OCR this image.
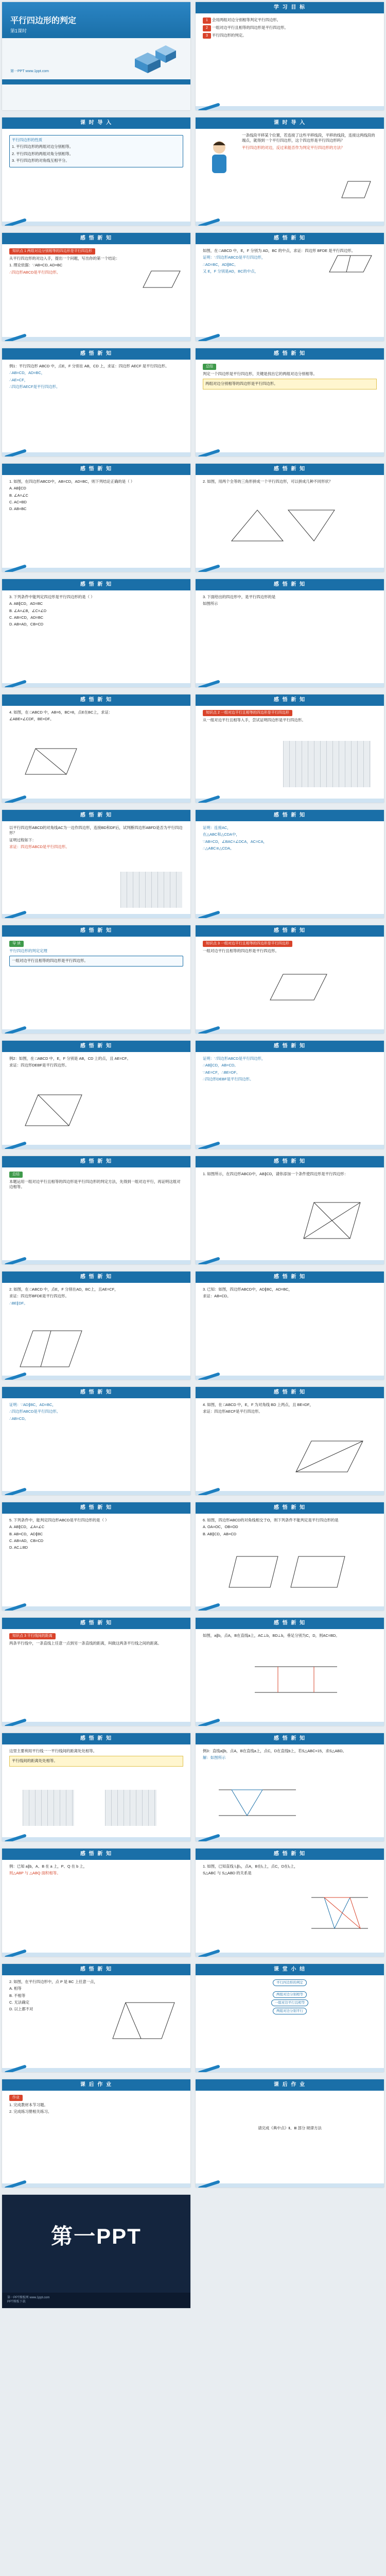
平行四边形的判定
第1课时
第一PPT www.1ppt.com
学 习 目 标

1 会用两组对边分别相等判定平行四边形。

2 一组对边平行且相等的四边形是平行四边形。

3 平行四边形的判定。

课 时 导 入

平行四边形的性质

1. 平行四边形的两组对边分别相等。

2. 平行四边形的两组对角分别相等。

3. 平行四边形的对角线互相平分。

课 时 导 入

一条线段平移某个位置，若连接了这些平移线段，平移的线段，连接这两线段的端点，就得到一个平行四边形，这个四边形是平行四边形吗？

平行四边形的对边，反过来能否作为判定平行四边形的方法？

感 悟 新 知

知识点 1 两组对边分别相等的四边形是平行四边形

从平行四边形的对边入手，提出一个问题，写出你的第一个结论：

1. 理论依据：∵AB=CD, AD=BC

∴四边形ABCD是平行四边形。

感 悟 新 知

如图，在 □ABCD 中，E，F 分别为 AD，BC 的中点，求证：四边形 BFDE 是平行四边形。

证明：∵四边形ABCD是平行四边形，

∴AD=BC，AD∥BC。

又 E，F 分别是AD，BC的中点，

感 悟 新 知

例1：平行四边形 ABCD 中，点E，F 分别在 AB，CD 上，求证：四边形 AECF 是平行四边形。

∴AB=CD，AD=BC，

∴AE=CF，

∴四边形AECF是平行四边形。

感 悟 新 知

总结

判定一个四边形是平行四边形，关键是找出它的两组对边分别相等。

两组对边分别相等的四边形是平行四边形。
感 悟 新 知

1. 如图，在四边形ABCD中，AB=CD，AD=BC，则下列结论正确的是（ ）

A. AB∥CD

B. ∠A=∠C

C. AC=BD

D. AB=BC

感 悟 新 知

2. 如图，用两个全等的三角形拼成一个平行四边形，可以拼成几种不同形状？

感 悟 新 知

3. 下列条件中能判定四边形是平行四边形的是（ ）

A. AB∥CD，AD=BC

B. ∠A=∠B，∠C=∠D

C. AB=CD，AD=BC

D. AB=AD，CB=CD

感 悟 新 知

3. 下面给出的四边形中，是平行四边形的是

如图所示

感 悟 新 知

4. 如图，在 □ABCD 中，AB=6，BC=8，点E在BC上，求证：

∠ABE=∠CDF，BE=DF。

感 悟 新 知

知识点 2 一组对边平行且相等的四边形是平行四边形

从一组对边平行且相等入手，尝试证明四边形是平行四边形。

感 悟 新 知

以平行四边形ABCD的对角线AC为一边作四边形，连接BD和DF后，试判断四边形ABFD是否为平行四边形？

证明过程如下：

求证：四边形ABCD是平行四边形。

感 悟 新 知

证明：连接AC，

在△ABC和△CDA中，

∵AB=CD，∠BAC=∠DCA，AC=CA，

∴△ABC≌△CDA。

感 悟 新 知

导 读

平行四边形的判定定理

一组对边平行且相等的四边形是平行四边形。
感 悟 新 知

知识点 3 一组对边平行且相等的四边形是平行四边形

一组对边平行且相等的四边形是平行四边形。

感 悟 新 知

例2：如图，在 □ABCD 中，E，F 分别是 AB，CD 上的点，且 AE=CF。

求证：四边形DEBF是平行四边形。

感 悟 新 知

证明：∵四边形ABCD是平行四边形，

∴AB∥CD，AB=CD。

∵AE=CF，∴BE=DF。

∴四边形DEBF是平行四边形。

感 悟 新 知

总结

本题运用一组对边平行且相等的四边形是平行四边形的判定方法，先得到一组对边平行，再证明这组对边相等。

感 悟 新 知

1. 如图所示，在四边形ABCD中，AB∥CD，请你添加一个条件使四边形是平行四边形：

感 悟 新 知

2. 如图，在 □ABCD 中，点E，F 分别在AD，BC上，且AE=CF，

求证：四边形BFDE是平行四边形。

∴BE∥DF。

感 悟 新 知

3. 已知：如图，四边形ABCD中，AD∥BC，AD=BC，

求证：AB=CD。

感 悟 新 知

证明：∵AD∥BC，AD=BC，

∴四边形ABCD是平行四边形。

∴AB=CD。

感 悟 新 知

4. 如图，在 □ABCD 中，E，F 为对角线 BD 上两点，且 BE=DF，

求证：四边形AECF是平行四边形。

感 悟 新 知

5. 下列条件中，能判定四边形ABCD是平行四边形的是（ ）

A. AB∥CD，∠A=∠C

B. AB=CD，AD∥BC

C. AB=AD，CB=CD

D. AC⊥BD

感 悟 新 知

6. 如图，四边形ABCD的对角线相交于O，则下列条件不能判定是平行四边形的是

A. OA=OC，OB=OD

B. AB∥CD，AB=CD

感 悟 新 知

知识点 3 平行线间的距离

两条平行线中，一条直线上任意一点到另一条直线的距离，叫做这两条平行线之间的距离。

感 悟 新 知

如图，a∥b，点A，B在直线a上，AC⊥b，BD⊥b，垂足分别为C，D，则AC=BD。

感 悟 新 知

这里主要利用平行线一一平行线间的距离处处相等。

平行线间的距离处处相等。
感 悟 新 知

例3：直线a∥b，点A，B在直线a上，点C，D在直线b上，若S△ABC=15，求S△ABD。

解：如图所示

感 悟 新 知

例：已知 a∥b，A、B 在 a 上，P、Q 在 b 上，

则△ABP 与 △ABQ 面积相等。

感 悟 新 知

1. 如图，已知直线 l₁∥l₂，点A，B在l₁上，点C，D在l₂上，

S△ABC 与 S△ABD 的关系是

感 悟 新 知

2. 如图，在平行四边形中，点 P 是 BC 上任意一点，

A. 相等

B. 不相等

C. 无法确定

D. 以上都不对

课 堂 小 结

平行四边形的判定

两组对边分别相等

一组对边平行且相等

两组对边分别平行

课 后 作 业

作业

1. 完成教材本节习题。

2. 完成练习册相关练习。

课 后 作 业

请完成《典中点》Ⅱ、Ⅲ 部分 规律方法

第一PPT
第一PPT模板网 www.1ppt.com
PPT模板下载
